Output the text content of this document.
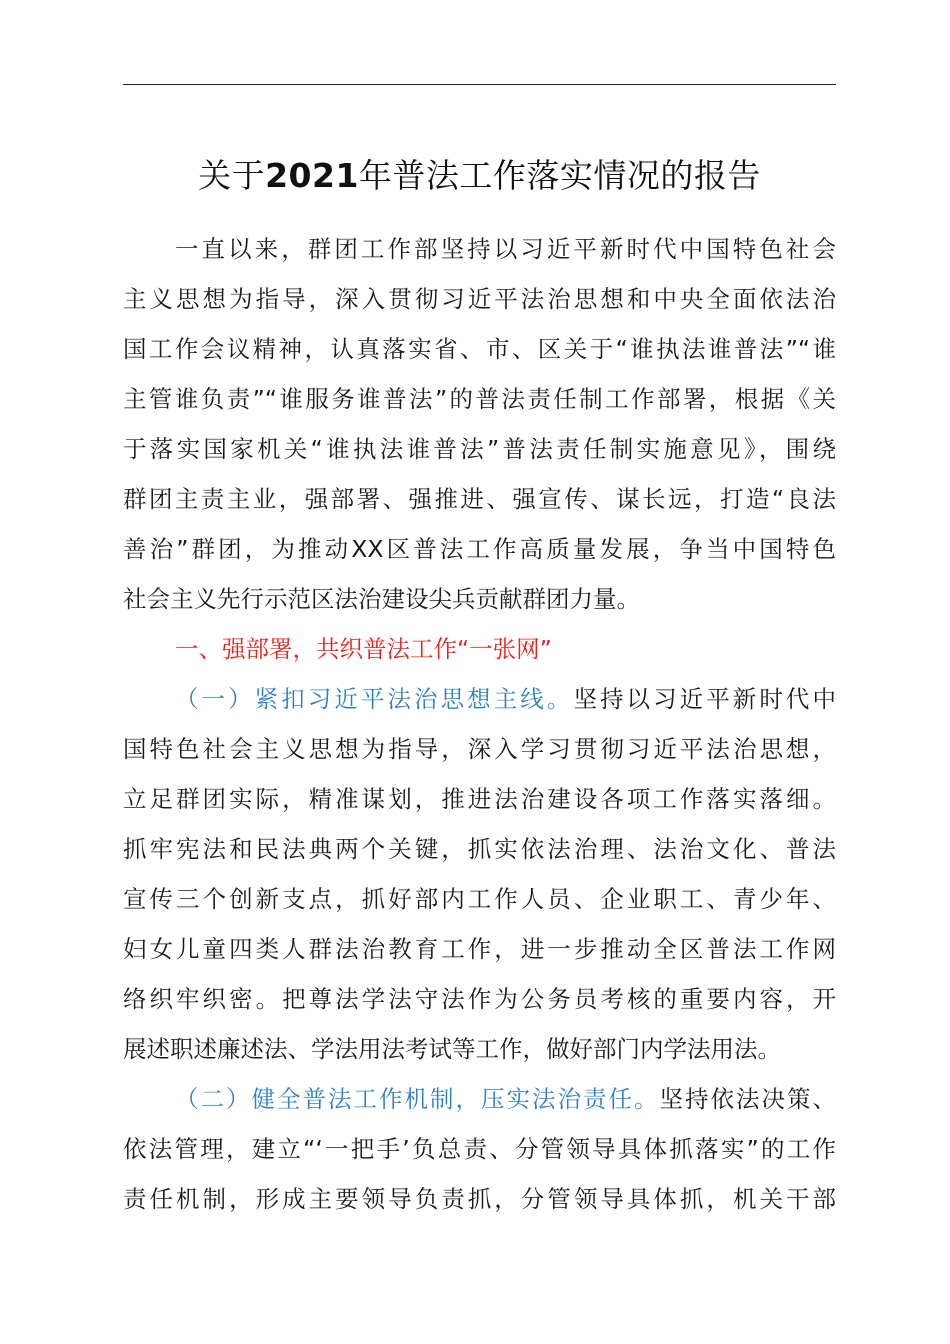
关于2021年普法工作落实情况的报告
一直以来，群团工作部坚持以习近平新时代中国特色社会
主义思想为指导，深入贯彻习近平法治思想和中央全面依法治
国工作会议精神，认真落实省、市、区关于“谁执法谁普法”“谁
主管谁负责”“谁服务谁普法”的普法责任制工作部署，根据《关
于落实国家机关“谁执法谁普法”普法责任制实施意见》，围绕
群团主责主业，强部署、强推进、强宣传、谋长远，打造“良法
善治”群团，为推动XX区普法工作高质量发展，争当中国特色
社会主义先行示范区法治建设尖兵贡献群团力量。
一、强部署，共织普法工作“一张网”
（一）紧扣习近平法治思想主线。坚持以习近平新时代中
国特色社会主义思想为指导，深入学习贯彻习近平法治思想，
立足群团实际，精准谋划，推进法治建设各项工作落实落细。
抓牢宪法和民法典两个关键，抓实依法治理、法治文化、普法
宣传三个创新支点，抓好部内工作人员、企业职工、青少年、
妇女儿童四类人群法治教育工作，进一步推动全区普法工作网
络织牢织密。把尊法学法守法作为公务员考核的重要内容，开
展述职述廉述法、学法用法考试等工作，做好部门内学法用法。
（二）健全普法工作机制，压实法治责任。坚持依法决策、
依法管理，建立“‘一把手’负总责、分管领导具体抓落实”的工作
责任机制，形成主要领导负责抓，分管领导具体抓，机关干部
